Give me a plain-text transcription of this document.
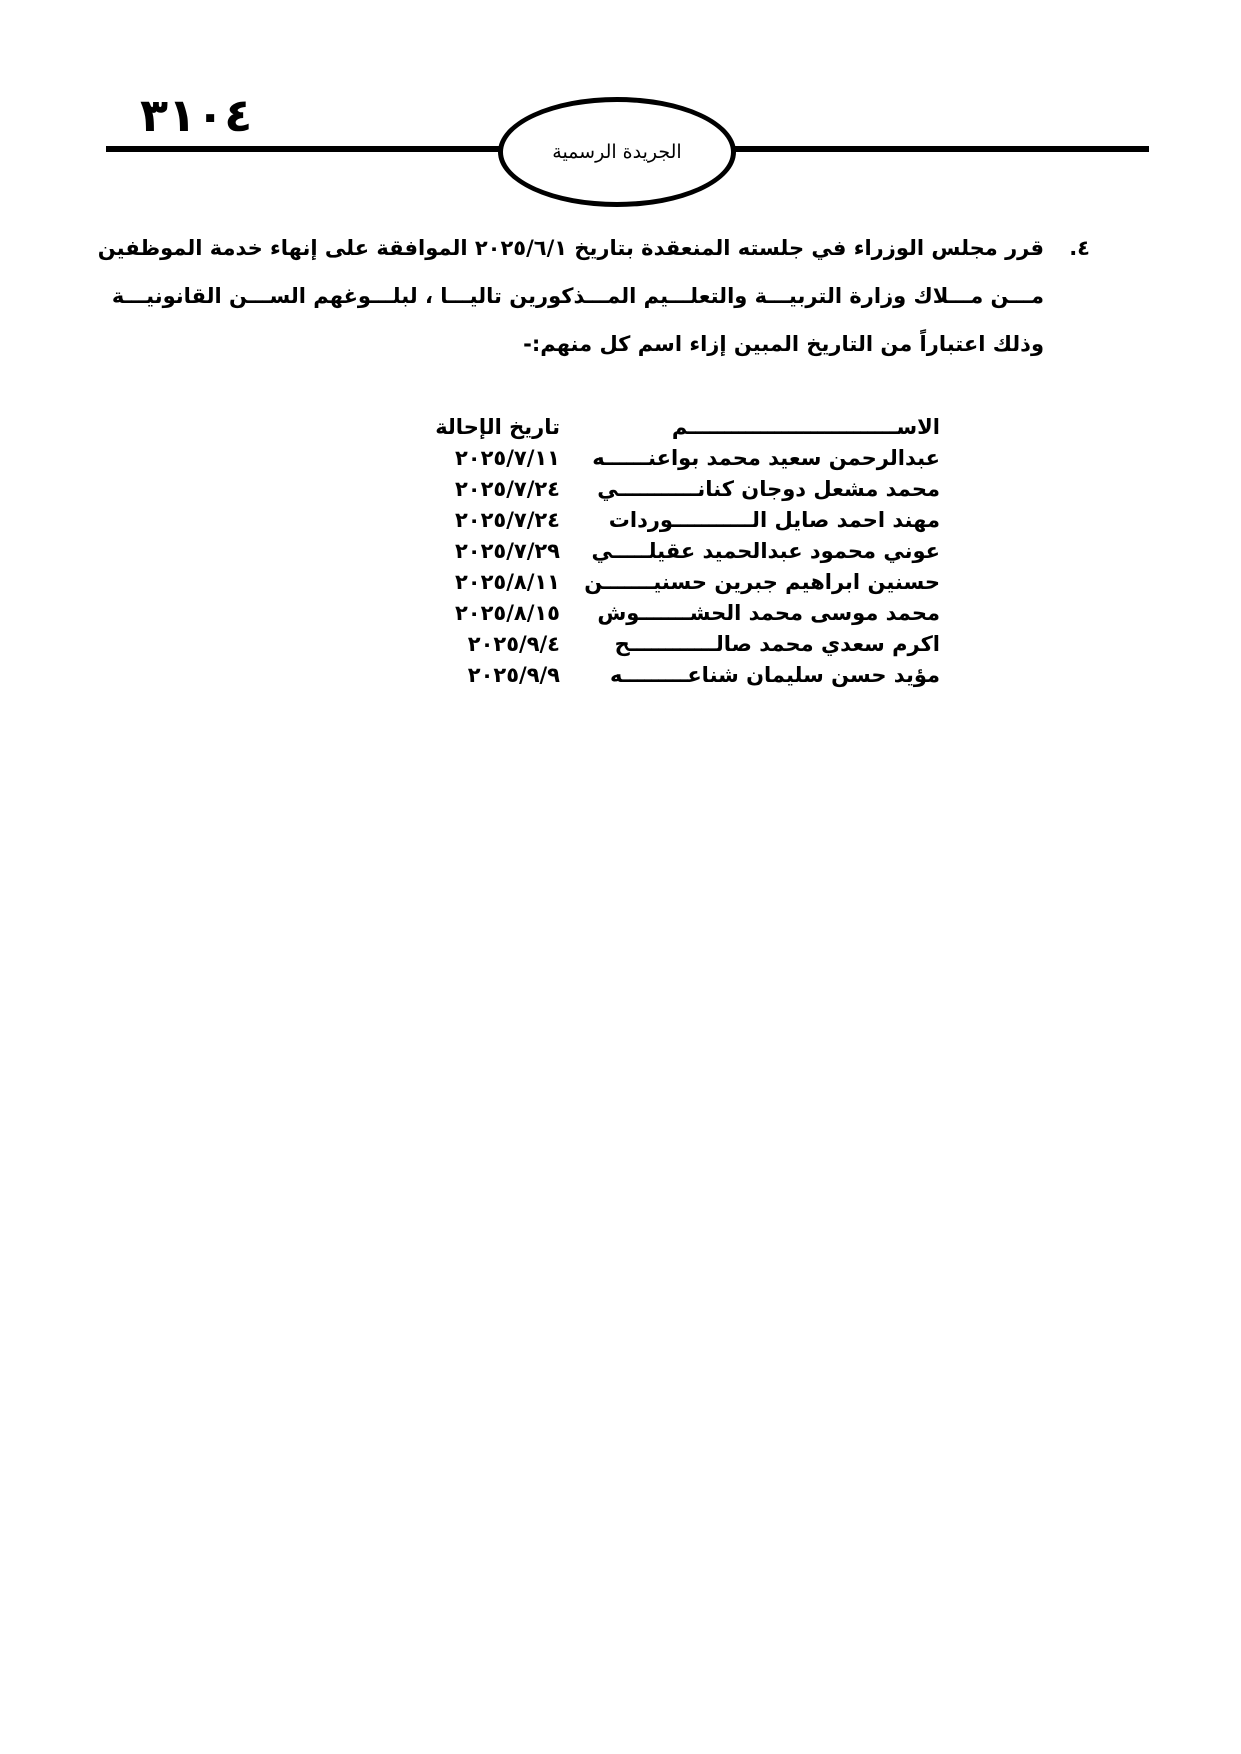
٣١٠٤
الجريدة الرسمية
٤.قرر مجلس الوزراء في جلسته المنعقدة بتاريخ ٢٠٢٥/٦/١ الموافقة على إنهاء خدمة الموظفين
مـــن مـــلاك وزارة التربيـــة والتعلـــيم المـــذكورين تاليـــا ، لبلـــوغهم الســـن القانونيـــة
وذلك اعتباراً من التاريخ المبين إزاء اسم كل منهم:-
الاســـــــــــــــــــــــــــــم
تاريخ الإحالة
عبدالرحمن سعيد محمد بواعنــــــه
٢٠٢٥/٧/١١
محمد مشعل دوجان كنانـــــــــــي
٢٠٢٥/٧/٢٤
مهند احمد صايل الـــــــــــوردات
٢٠٢٥/٧/٢٤
عوني محمود عبدالحميد عقيلـــــي
٢٠٢٥/٧/٢٩
حسنين ابراهيم جبرين حسنيـــــــن
٢٠٢٥/٨/١١
محمد موسى محمد الحشـــــــوش
٢٠٢٥/٨/١٥
اكرم سعدي محمد صالــــــــــــح
٢٠٢٥/٩/٤
مؤيد حسن سليمان شناعـــــــــه
٢٠٢٥/٩/٩
